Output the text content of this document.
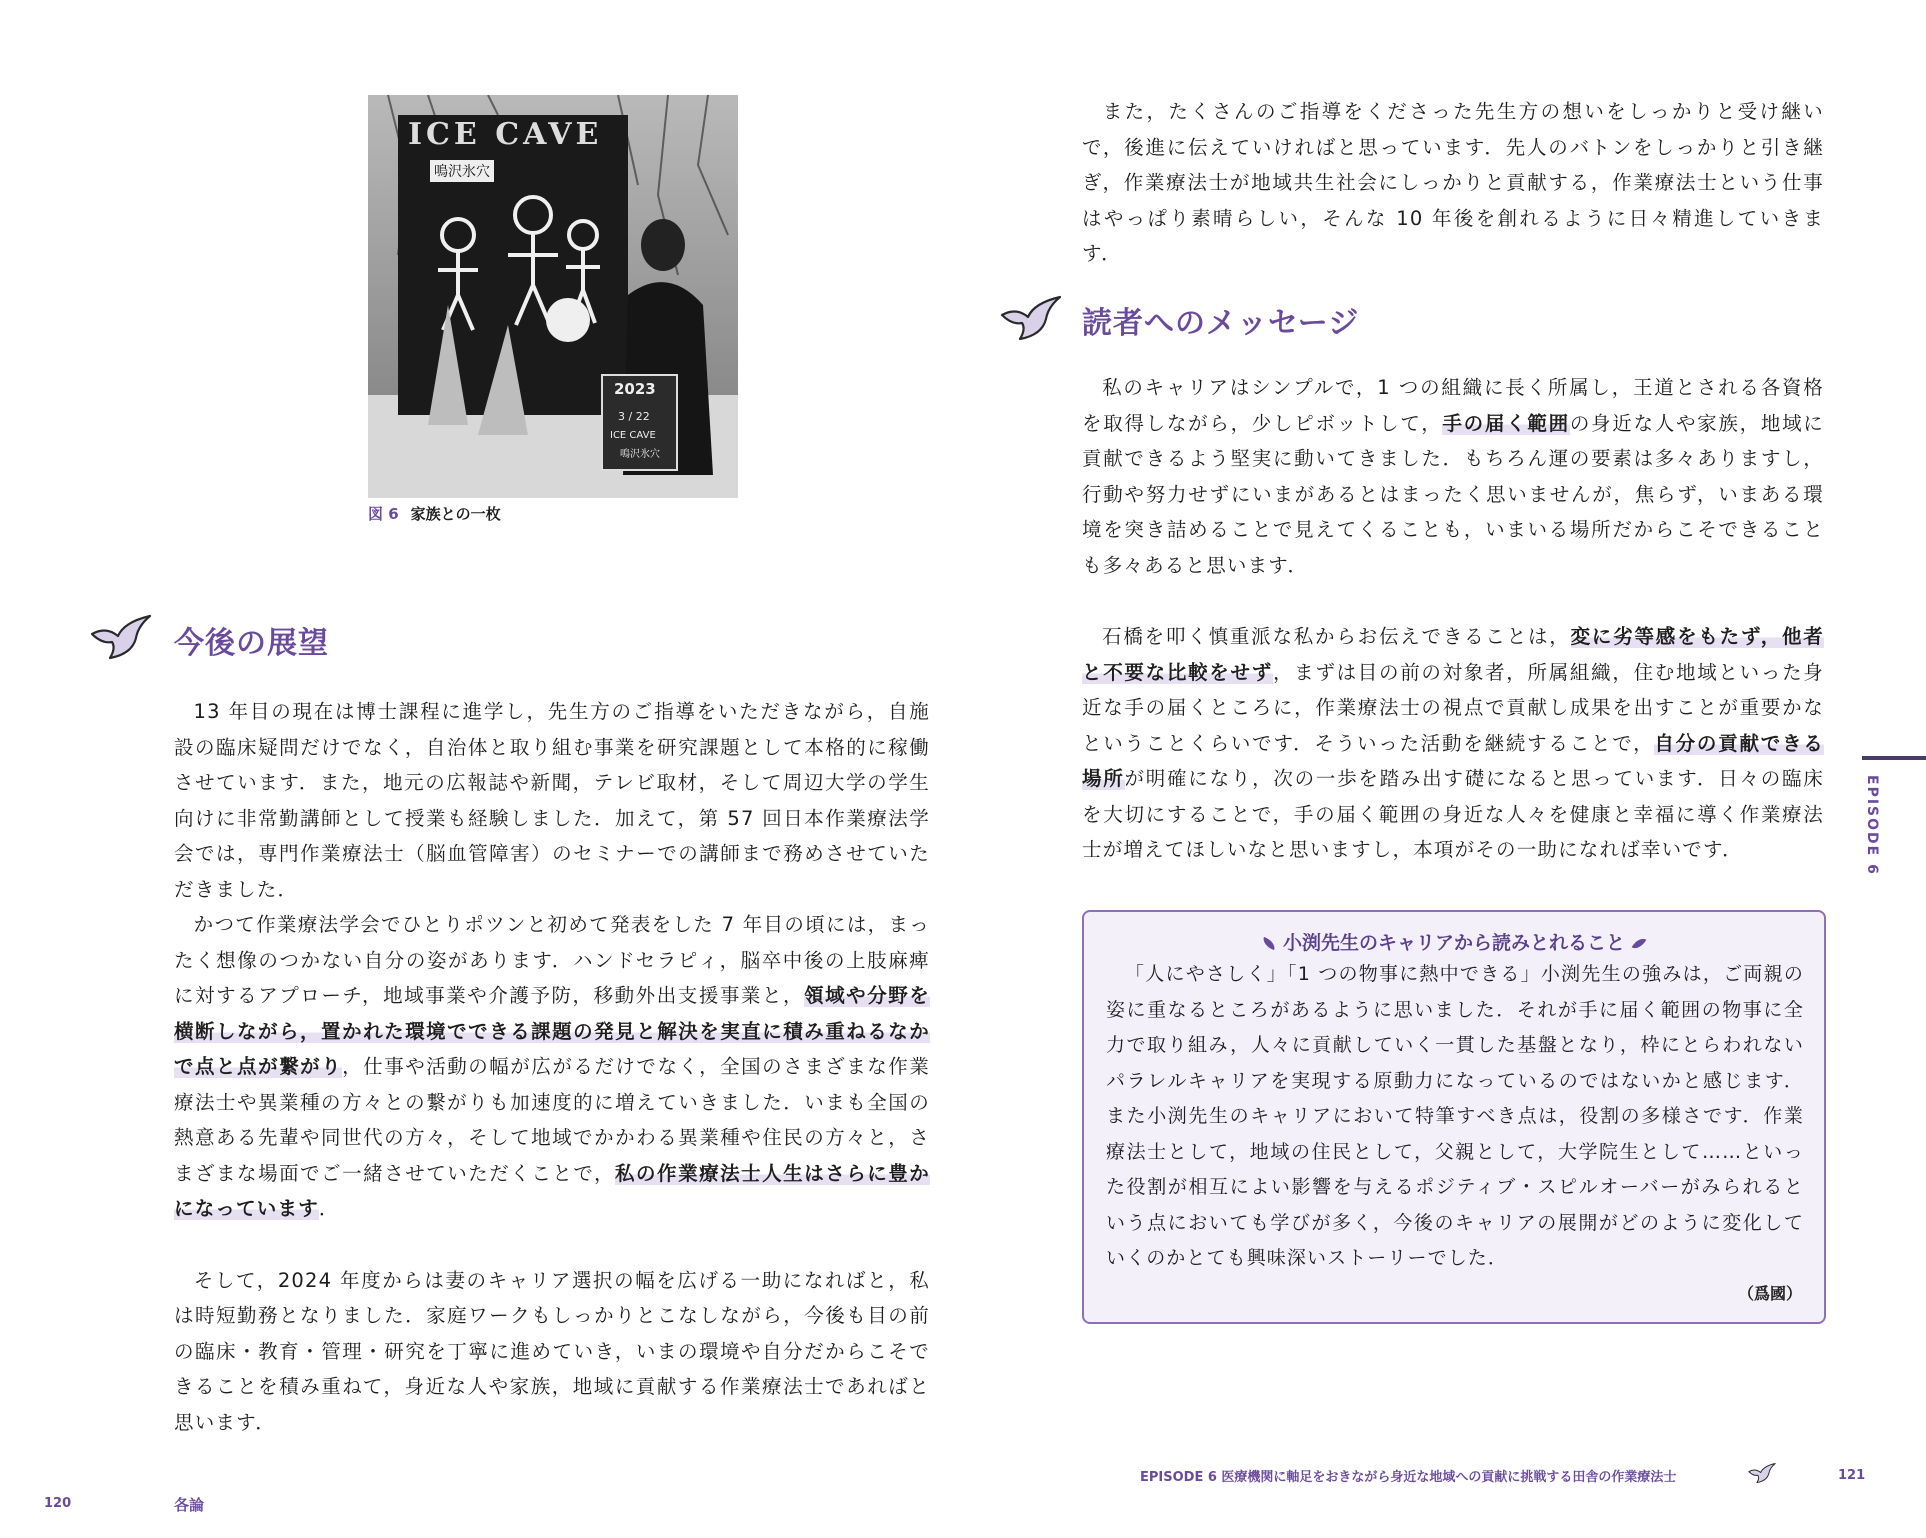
ICE CAVE
鳴沢氷穴
2023
3 / 22
ICE CAVE
鳴沢氷穴
図 6 家族との一枚
今後の展望

13 年目の現在は博士課程に進学し，先生方のご指導をいただきながら，自施設の臨床疑問だけでなく，自治体と取り組む事業を研究課題として本格的に稼働させています．また，地元の広報誌や新聞，テレビ取材，そして周辺大学の学生向けに非常勤講師として授業も経験しました．加えて，第 57 回日本作業療法学会では，専門作業療法士（脳血管障害）のセミナーでの講師まで務めさせていただきました．

かつて作業療法学会でひとりポツンと初めて発表をした 7 年目の頃には，まったく想像のつかない自分の姿があります．ハンドセラピィ，脳卒中後の上肢麻痺に対するアプローチ，地域事業や介護予防，移動外出支援事業と，領域や分野を横断しながら，置かれた環境でできる課題の発見と解決を実直に積み重ねるなかで点と点が繋がり，仕事や活動の幅が広がるだけでなく，全国のさまざまな作業療法士や異業種の方々との繋がりも加速度的に増えていきました．いまも全国の熱意ある先輩や同世代の方々，そして地域でかかわる異業種や住民の方々と，さまざまな場面でご一緒させていただくことで，私の作業療法士人生はさらに豊かになっています．

そして，2024 年度からは妻のキャリア選択の幅を広げる一助になればと，私は時短勤務となりました．家庭ワークもしっかりとこなしながら，今後も目の前の臨床・教育・管理・研究を丁寧に進めていき，いまの環境や自分だからこそできることを積み重ねて，身近な人や家族，地域に貢献する作業療法士であればと思います．

120	各論

また，たくさんのご指導をくださった先生方の想いをしっかりと受け継いで，後進に伝えていければと思っています．先人のバトンをしっかりと引き継ぎ，作業療法士が地域共生社会にしっかりと貢献する，作業療法士という仕事はやっぱり素晴らしい，そんな 10 年後を創れるように日々精進していきます．

読者へのメッセージ

私のキャリアはシンプルで，1 つの組織に長く所属し，王道とされる各資格を取得しながら，少しピボットして，手の届く範囲の身近な人や家族，地域に貢献できるよう堅実に動いてきました．もちろん運の要素は多々ありますし，行動や努力せずにいまがあるとはまったく思いませんが，焦らず，いまある環境を突き詰めることで見えてくることも，いまいる場所だからこそできることも多々あると思います．

石橋を叩く慎重派な私からお伝えできることは，変に劣等感をもたず，他者と不要な比較をせず，まずは目の前の対象者，所属組織，住む地域といった身近な手の届くところに，作業療法士の視点で貢献し成果を出すことが重要かなということくらいです．そういった活動を継続することで，自分の貢献できる場所が明確になり，次の一歩を踏み出す礎になると思っています．日々の臨床を大切にすることで，手の届く範囲の身近な人々を健康と幸福に導く作業療法士が増えてほしいなと思いますし，本項がその一助になれば幸いです．

小渕先生のキャリアから読みとれること

「人にやさしく」「1 つの物事に熱中できる」小渕先生の強みは，ご両親の姿に重なるところがあるように思いました．それが手に届く範囲の物事に全力で取り組み，人々に貢献していく一貫した基盤となり，枠にとらわれないパラレルキャリアを実現する原動力になっているのではないかと感じます．また小渕先生のキャリアにおいて特筆すべき点は，役割の多様さです．作業療法士として，地域の住民として，父親として，大学院生として……といった役割が相互によい影響を与えるポジティブ・スピルオーバーがみられるという点においても学びが多く，今後のキャリアの展開がどのように変化していくのかとても興味深いストーリーでした．

（爲國）
EPISODE 6
EPISODE 6 医療機関に軸足をおきながら身近な地域への貢献に挑戦する田舎の作業療法士	121
